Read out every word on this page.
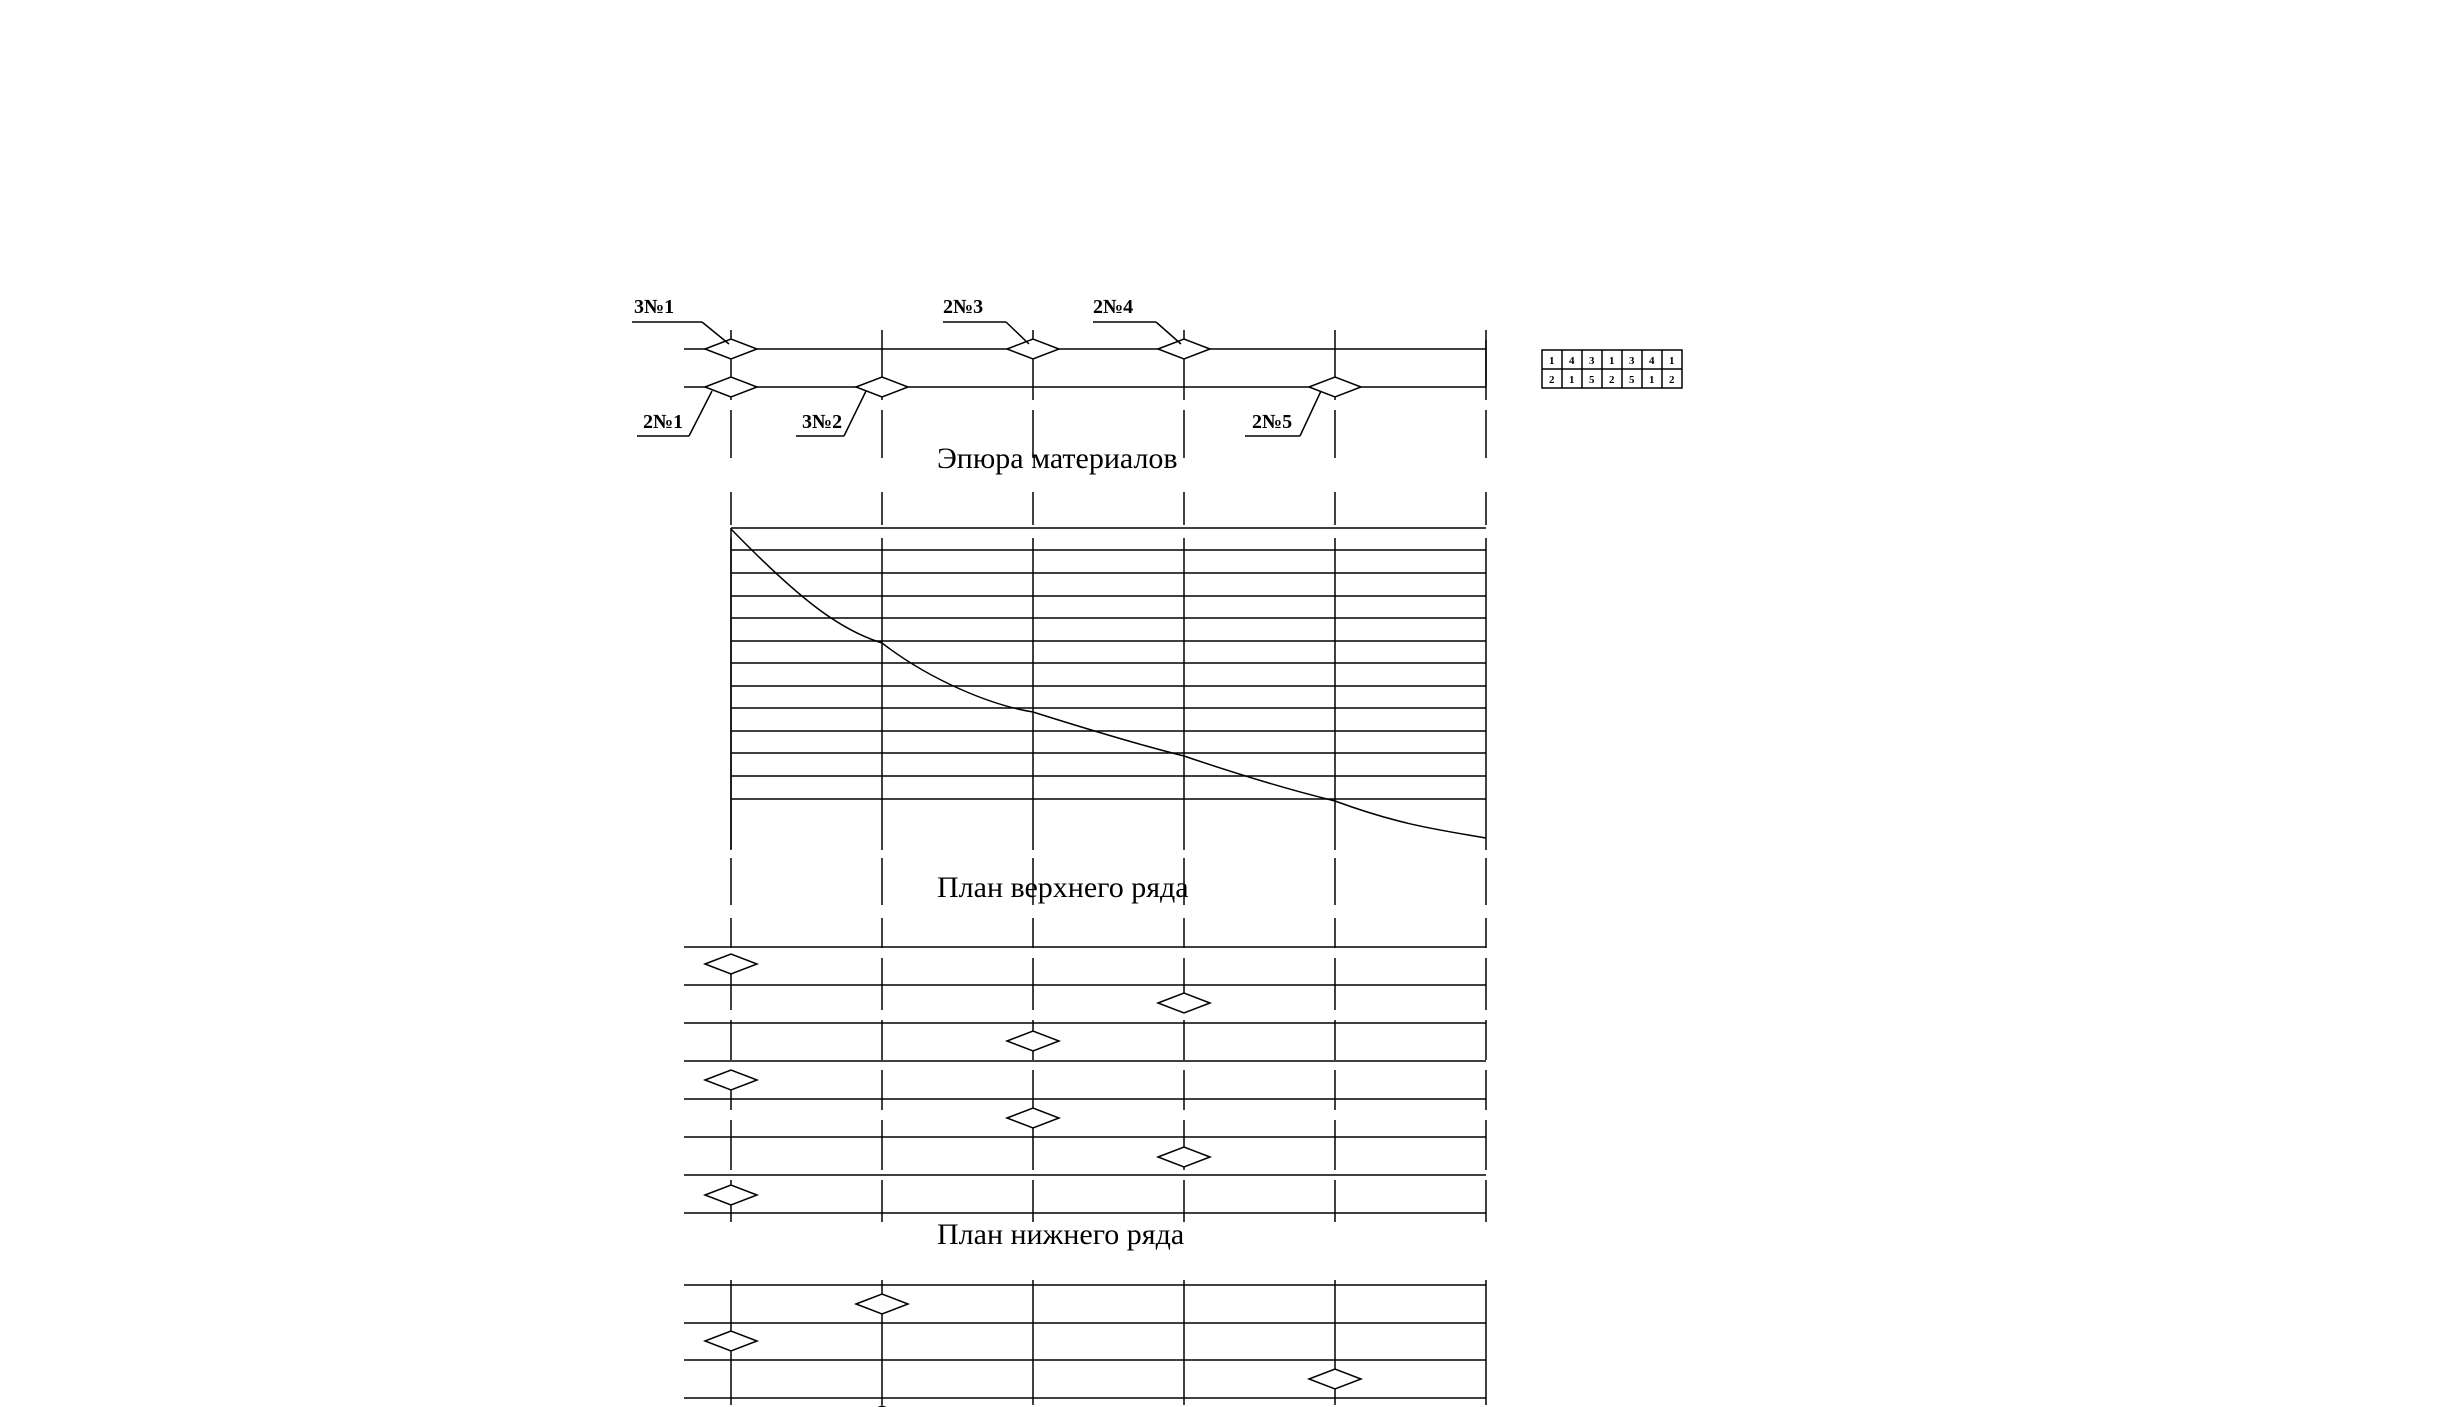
Эпюра материалов
План верхнего ряда
План нижнего ряда
3№1	2№3	2№4
2№1	3№2	2№5
1 4 3 1 3 4 1
2 1 5 2 5 1 2
